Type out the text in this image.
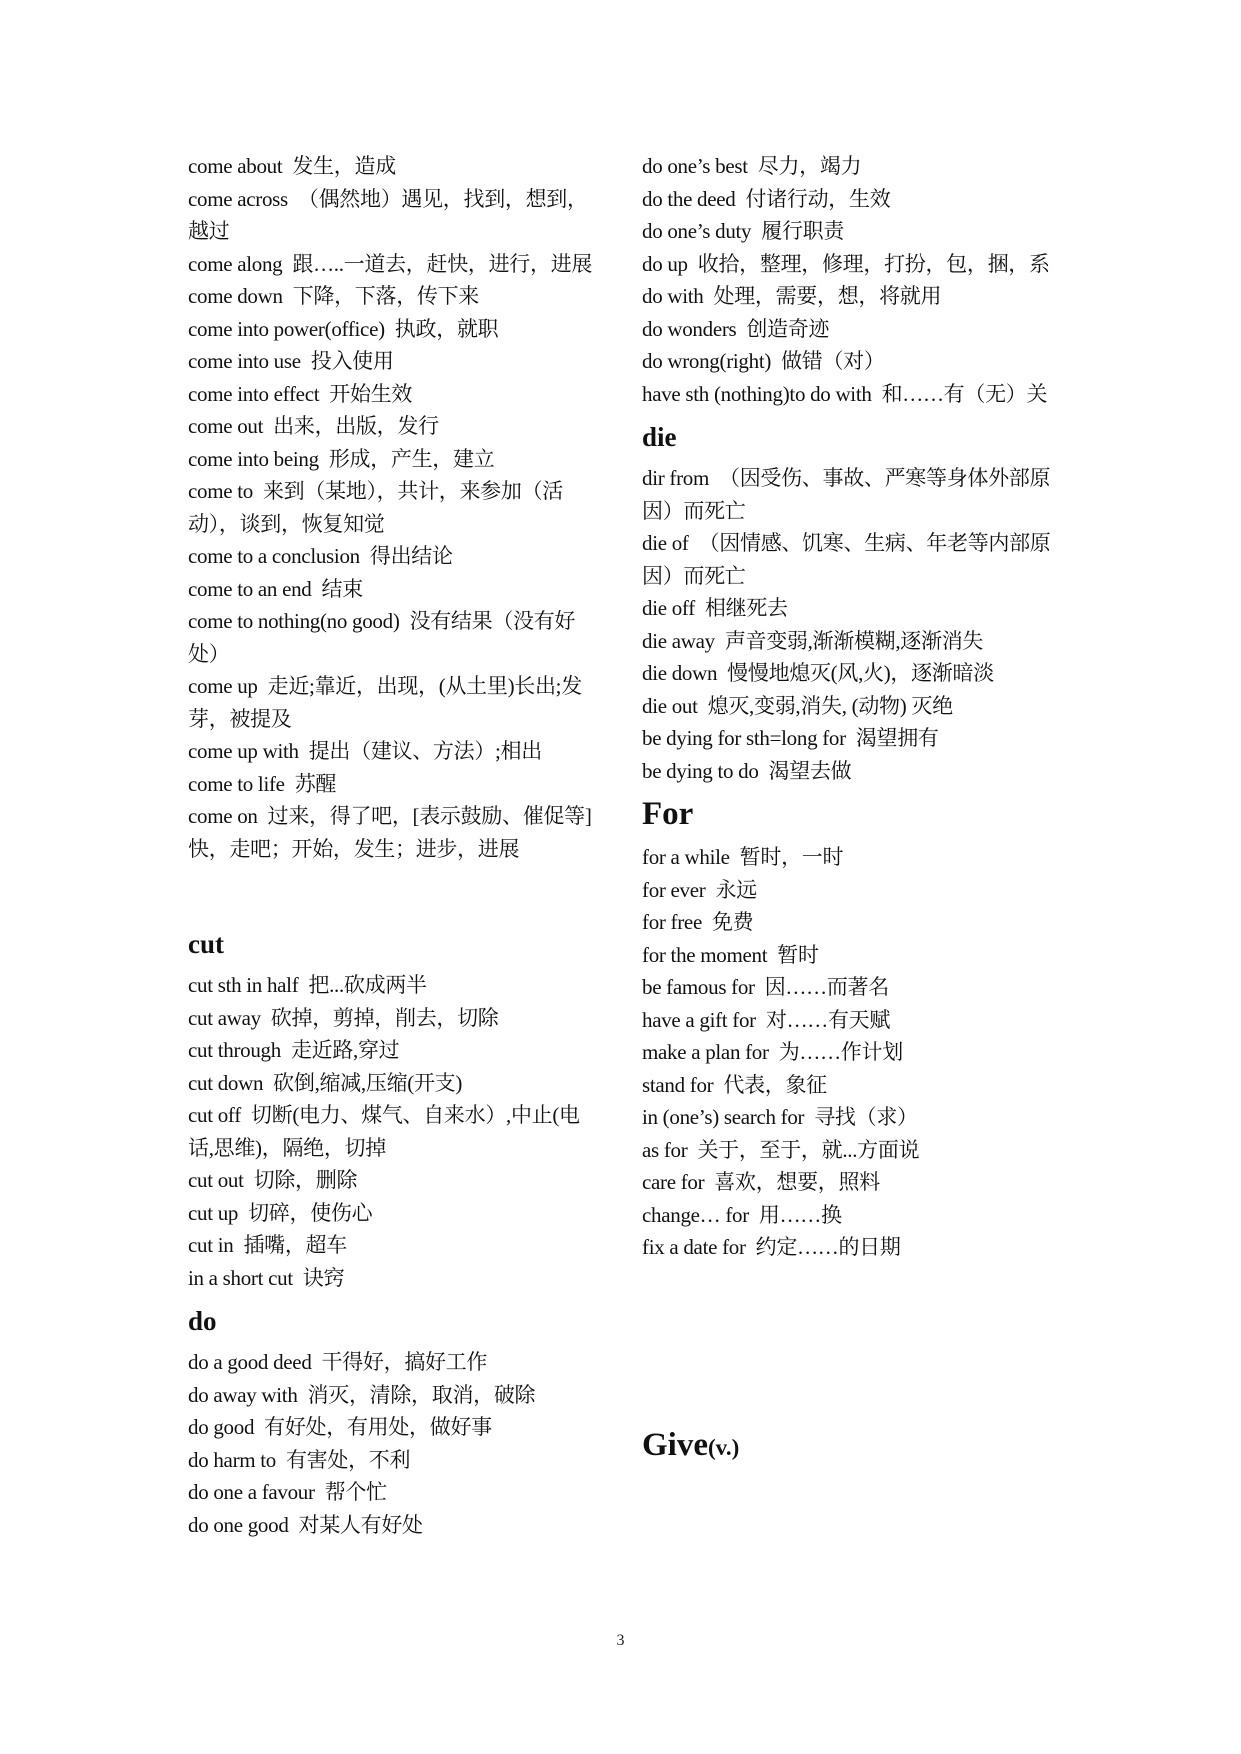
come about 发生，造成
come across （偶然地）遇见，找到，想到，越过
come along 跟…..一道去，赶快，进行，进展
come down 下降，下落，传下来
come into power(office) 执政，就职
come into use 投入使用
come into effect 开始生效
come out 出来，出版，发行
come into being 形成，产生，建立
come to 来到（某地），共计，来参加（活动），谈到，恢复知觉
come to a conclusion 得出结论
come to an end 结束
come to nothing(no good) 没有结果（没有好处）
come up 走近;靠近，出现，(从土里)长出;发芽，被提及
come up with 提出（建议、方法）;相出
come to life 苏醒
come on 过来，得了吧，[表示鼓励、催促等]快，走吧；开始，发生；进步，进展
cut
cut sth in half 把...砍成两半
cut away 砍掉，剪掉，削去，切除
cut through 走近路,穿过
cut down 砍倒,缩减,压缩(开支)
cut off 切断(电力、煤气、自来水）,中止(电话,思维)，隔绝，切掉
cut out 切除，删除
cut up 切碎，使伤心
cut in 插嘴，超车
in a short cut 诀窍
do
do a good deed 干得好，搞好工作
do away with 消灭，清除，取消，破除
do good 有好处，有用处，做好事
do harm to 有害处，不利
do one a favour 帮个忙
do one good 对某人有好处
do one’s best 尽力，竭力
do the deed 付诸行动，生效
do one’s duty 履行职责
do up 收拾，整理，修理，打扮，包，捆，系
do with 处理，需要，想，将就用
do wonders 创造奇迹
do wrong(right) 做错（对）
have sth (nothing)to do with 和……有（无）关
die
dir from （因受伤、事故、严寒等身体外部原因）而死亡
die of （因情感、饥寒、生病、年老等内部原因）而死亡
die off 相继死去
die away 声音变弱,渐渐模糊,逐渐消失
die down 慢慢地熄灭(风,火)，逐渐暗淡
die out 熄灭,变弱,消失, (动物) 灭绝
be dying for sth=long for 渴望拥有
be dying to do 渴望去做
For
for a while 暂时，一时
for ever 永远
for free 免费
for the moment 暂时
be famous for 因……而著名
have a gift for 对……有天赋
make a plan for 为……作计划
stand for 代表，象征
in (one’s) search for 寻找（求）
as for 关于，至于，就...方面说
care for 喜欢，想要，照料
change… for 用……换
fix a date for 约定……的日期
Give(v.)
3
